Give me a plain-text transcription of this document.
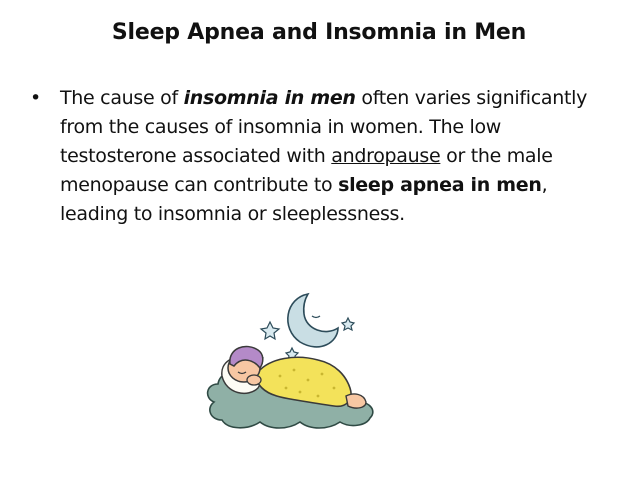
Sleep Apnea and Insomnia in Men
• The cause of insomnia in men often varies significantly from the causes of insomnia in women. The low testosterone associated with andropause or the male menopause can contribute to sleep apnea in men, leading to insomnia or sleeplessness.
